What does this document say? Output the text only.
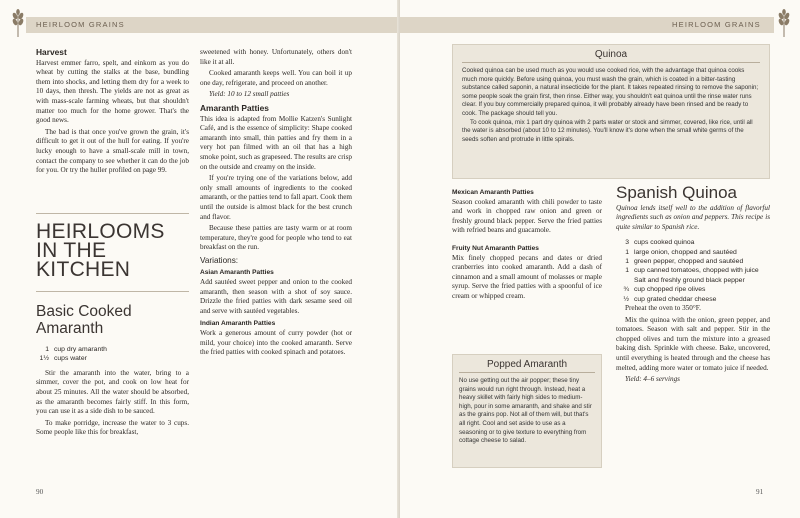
HEIRLOOM GRAINS
Harvest

Harvest emmer farro, spelt, and einkorn as you do wheat by cutting the stalks at the base, bundling them into shocks, and letting them dry for a week to 10 days, then thresh. The yields are not as great as with mass-scale farming wheats, but that shouldn't matter too much for the home grower. That's the good news.

The bad is that once you've grown the grain, it's difficult to get it out of the hull for eating. If you're lucky enough to have a small-scale mill in town, contact the company to see whether it can do the job for you. Or try the huller profiled on page 99.

HEIRLOOMS
IN THE
KITCHEN
Basic Cooked
Amaranth
1 cup dry amaranth
1½ cups water

Stir the amaranth into the water, bring to a simmer, cover the pot, and cook on low heat for about 25 minutes. All the water should be absorbed, as the amaranth becomes fairly stiff. In this form, you can use it as a side dish to be sauced.

To make porridge, increase the water to 3 cups. Some people like this for breakfast,

sweetened with honey. Unfortunately, others don't like it at all.

Cooked amaranth keeps well. You can boil it up one day, refrigerate, and proceed on another.

Yield: 10 to 12 small patties

Amaranth Patties

This idea is adapted from Mollie Katzen's Sunlight Café, and is the essence of simplicity: Shape cooked amaranth into small, thin patties and fry them in a very hot pan filmed with an oil that has a high smoke point, such as grapeseed. The results are crisp on the outside and creamy on the inside.

If you're trying one of the variations below, add only small amounts of ingredients to the cooked amaranth, or the patties tend to fall apart. Cook them until the outside is almost black for the best crunch and flavor.

Because these patties are tasty warm or at room temperature, they're good for people who tend to eat breakfast on the run.

Variations:
Asian Amaranth Patties

Add sautéed sweet pepper and onion to the cooked amaranth, then season with a shot of soy sauce. Drizzle the fried patties with dark sesame seed oil and serve with sautéed vegetables.

Indian Amaranth Patties

Work a generous amount of curry powder (hot or mild, your choice) into the cooked amaranth. Serve the fried patties with cooked spinach and potatoes.

90
HEIRLOOM GRAINS
Quinoa
Cooked quinoa can be used much as you would use cooked rice, with the advantage that quinoa cooks much more quickly. Before using quinoa, you must wash the grain, which is coated in a bitter-tasting substance called saponin, a natural insecticide for the plant. It takes repeated rinsing to remove the saponin; some people soak the grain first, then rinse. Either way, you shouldn't eat quinoa until the rinse water runs clear. If you buy commercially prepared quinoa, it will probably already have been rinsed and be ready to cook. The package should tell you.
To cook quinoa, mix 1 part dry quinoa with 2 parts water or stock and simmer, covered, like rice, until all the water is absorbed (about 10 to 12 minutes). You'll know it's done when the small white germs of the seeds soften and protrude in little spirals.
Mexican Amaranth Patties

Season cooked amaranth with chili powder to taste and work in chopped raw onion and green or freshly ground black pepper. Serve the fried patties with refried beans and guacamole.

Fruity Nut Amaranth Patties

Mix finely chopped pecans and dates or dried cranberries into cooked amaranth. Add a dash of cinnamon and a small amount of molasses or maple syrup. Serve the fried patties with a spoonful of ice cream or whipped cream.

Popped Amaranth
No use getting out the air popper; these tiny grains would run right through. Instead, heat a heavy skillet with fairly high sides to medium-high, pour in some amaranth, and shake and stir as the grains pop. Not all of them will, but that's all right. Cool and set aside to use as a seasoning or to give texture to everything from cottage cheese to salad.
Spanish Quinoa

Quinoa lends itself well to the addition of flavorful ingredients such as onion and peppers. This recipe is quite similar to Spanish rice.

3 cups cooked quinoa
1 large onion, chopped and sautéed
1 green pepper, chopped and sautéed
1 cup canned tomatoes, chopped with juice
Salt and freshly ground black pepper
¾ cup chopped ripe olives
½ cup grated cheddar cheese

Preheat the oven to 350°F.

Mix the quinoa with the onion, green pepper, and tomatoes. Season with salt and pepper. Stir in the chopped olives and turn the mixture into a greased baking dish. Sprinkle with cheese. Bake, uncovered, until everything is heated through and the cheese has melted, adding more water or tomato juice if needed.

Yield: 4–6 servings

91
